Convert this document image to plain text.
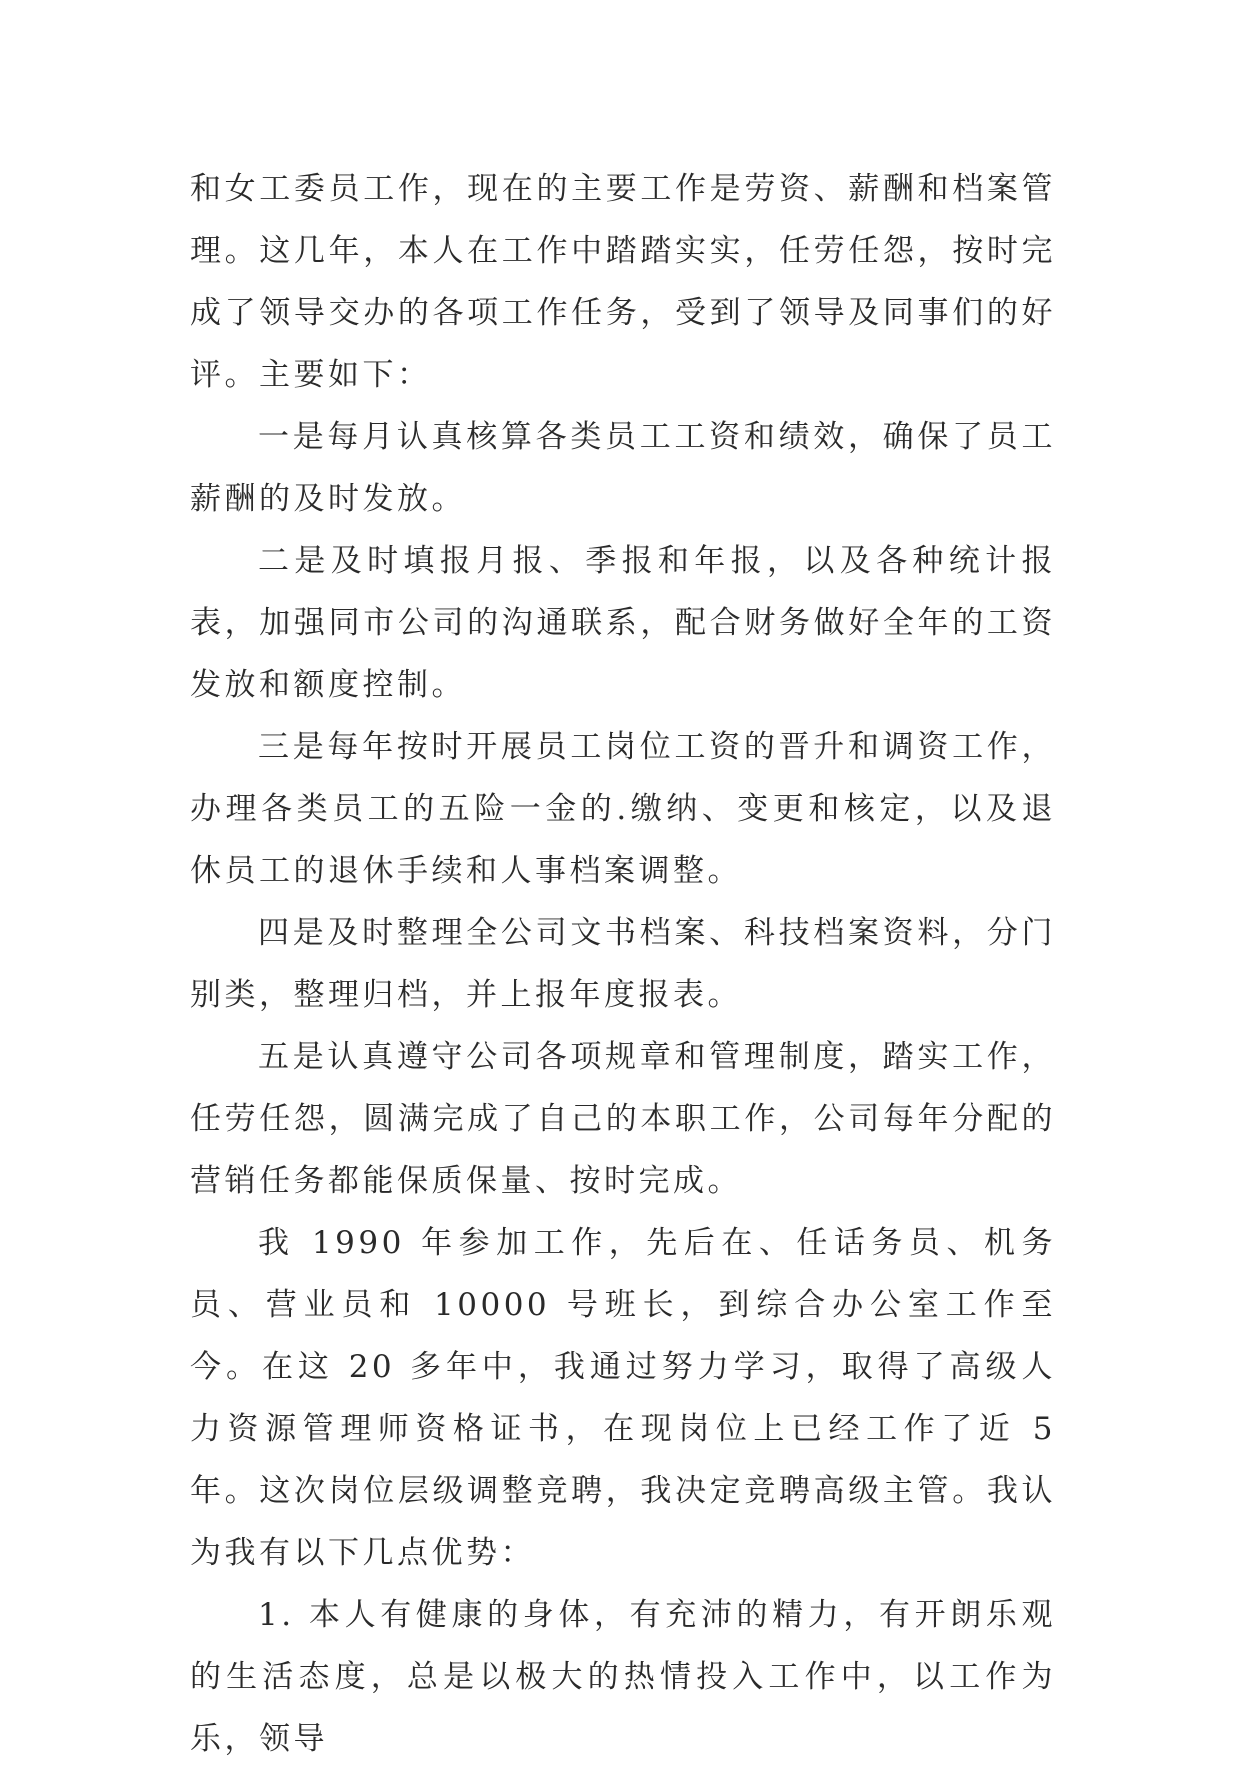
和女工委员工作，现在的主要工作是劳资、薪酬和档案管理。这几年，本人在工作中踏踏实实，任劳任怨，按时完成了领导交办的各项工作任务，受到了领导及同事们的好评。主要如下：

一是每月认真核算各类员工工资和绩效，确保了员工薪酬的及时发放。

二是及时填报月报、季报和年报，以及各种统计报表，加强同市公司的沟通联系，配合财务做好全年的工资发放和额度控制。

三是每年按时开展员工岗位工资的晋升和调资工作，办理各类员工的五险一金的.缴纳、变更和核定，以及退休员工的退休手续和人事档案调整。

四是及时整理全公司文书档案、科技档案资料，分门别类，整理归档，并上报年度报表。

五是认真遵守公司各项规章和管理制度，踏实工作，任劳任怨，圆满完成了自己的本职工作，公司每年分配的营销任务都能保质保量、按时完成。

我 1990 年参加工作，先后在、任话务员、机务员、营业员和 10000 号班长，到综合办公室工作至今。在这 20 多年中，我通过努力学习，取得了高级人力资源管理师资格证书，在现岗位上已经工作了近 5 年。这次岗位层级调整竞聘，我决定竞聘高级主管。我认为我有以下几点优势：

1. 本人有健康的身体，有充沛的精力，有开朗乐观的生活态度，总是以极大的热情投入工作中，以工作为乐，领导
